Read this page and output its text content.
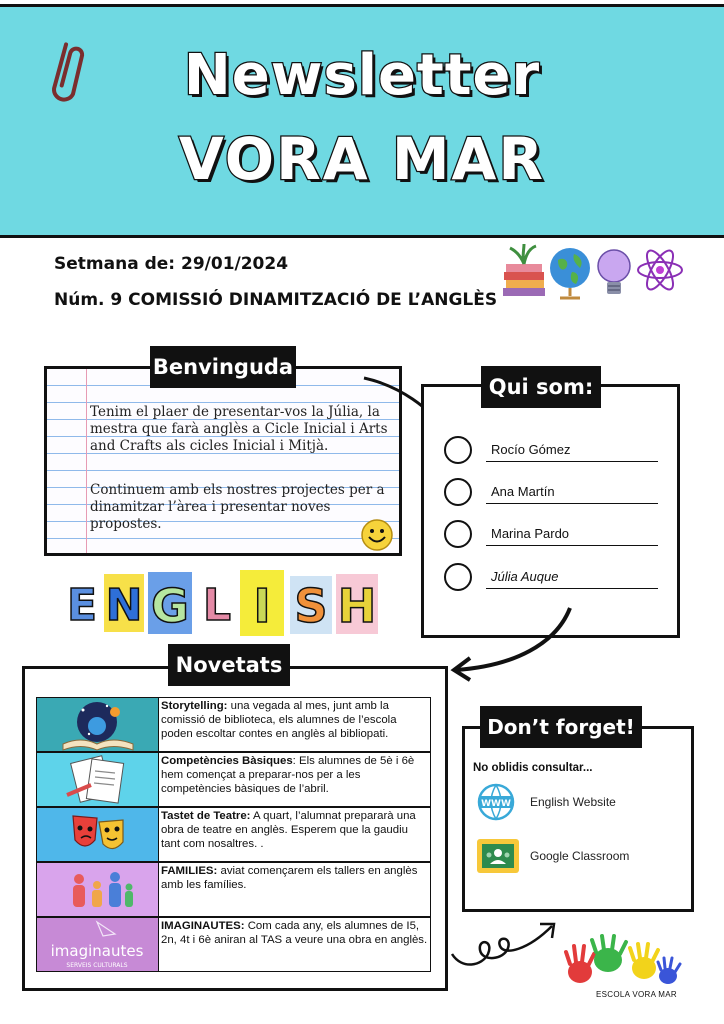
Newsletter
VORA MAR
Setmana de: 29/01/2024
Núm. 9 COMISSIÓ DINAMITZACIÓ DE L’ANGLÈS
Benvinguda
Tenim el plaer de presentar-vos la Júlia, la mestra que farà anglès a Cicle Inicial i Arts and Crafts als cicles Inicial i Mitjà.
Continuem amb els nostres projectes per a dinamitzar l’àrea i presentar noves propostes.
Qui som:
Rocío Gómez
Ana Martín
Marina Pardo
Júlia Auque
E N G L I S H
Novetats
Storytelling: una vegada al mes, junt amb la comissió de biblioteca, els alumnes de l’escola poden escoltar contes en anglès al bibliopati.
Competències Bàsiques: Els alumnes de 5è i 6è hem començat a preparar-nos per a les competències bàsiques de l’abril.
Tastet de Teatre: A quart, l’alumnat prepararà una obra de teatre en anglès. Esperem que la gaudiu tant com nosaltres. .
FAMILIES: aviat començarem els tallers en anglès amb les famílies.
imaginautes
SERVEIS CULTURALS
IMAGINAUTES: Com cada any, els alumnes de I5, 2n, 4t i 6è aniran al TAS a veure una obra en anglès.
Don’t forget!
No oblidis consultar...
WWW English Website
Google Classroom
ESCOLA VORA MAR
